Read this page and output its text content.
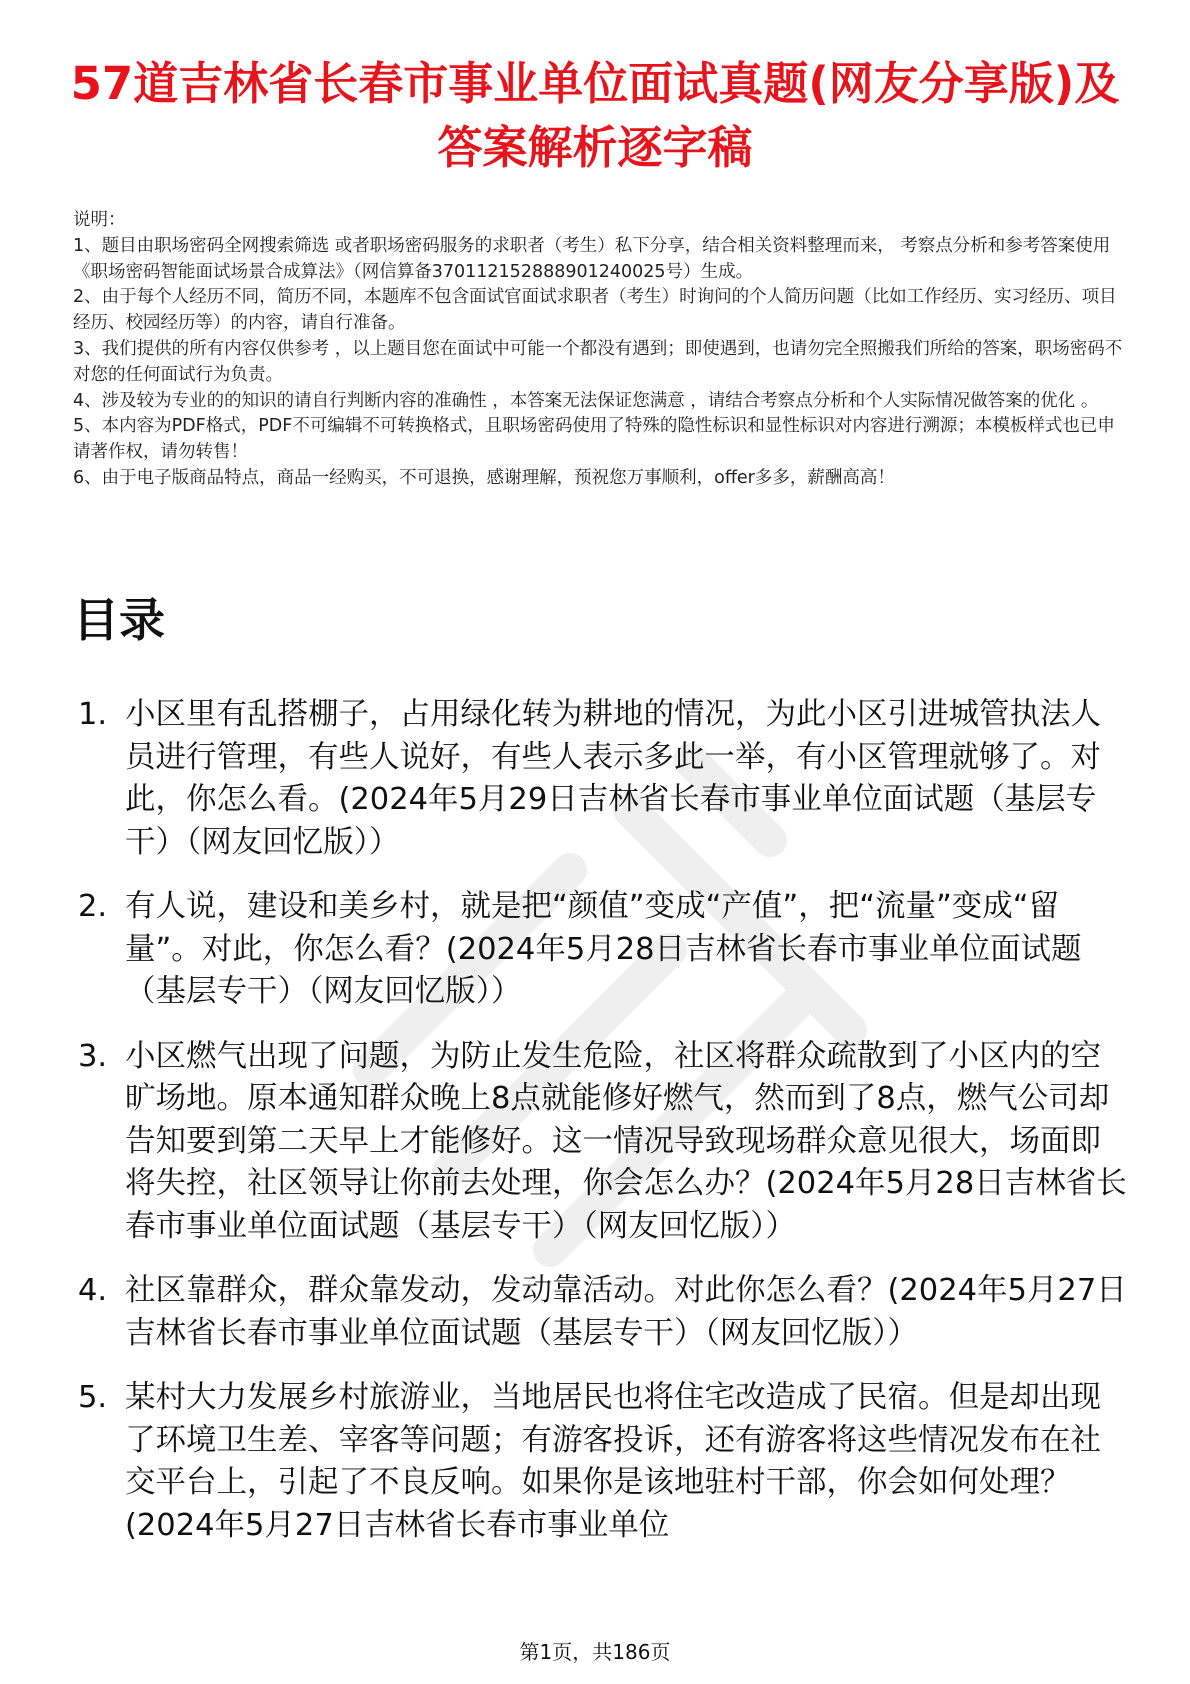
57道吉林省长春市事业单位面试真题(网友分享版)及答案解析逐字稿

说明：

1、题目由职场密码全网搜索筛选 或者职场密码服务的求职者（考生）私下分享，结合相关资料整理而来， 考察点分析和参考答案使用《职场密码智能面试场景合成算法》（网信算备370112152888901240025号）生成。

2、由于每个人经历不同，简历不同，本题库不包含面试官面试求职者（考生）时询问的个人简历问题（比如工作经历、实习经历、项目经历、校园经历等）的内容，请自行准备。

3、我们提供的所有内容仅供参考 ，以上题目您在面试中可能一个都没有遇到；即使遇到，也请勿完全照搬我们所给的答案，职场密码不对您的任何面试行为负责。

4、涉及较为专业的的知识的请自行判断内容的准确性 ，本答案无法保证您满意 ，请结合考察点分析和个人实际情况做答案的优化 。

5、本内容为PDF格式，PDF不可编辑不可转换格式，且职场密码使用了特殊的隐性标识和显性标识对内容进行溯源；本模板样式也已申请著作权，请勿转售！

6、由于电子版商品特点，商品一经购买，不可退换，感谢理解，预祝您万事顺利，offer多多，薪酬高高！

目录
1. 小区里有乱搭棚子，占用绿化转为耕地的情况，为此小区引进城管执法人员进行管理，有些人说好，有些人表示多此一举，有小区管理就够了。对此，你怎么看。(2024年5月29日吉林省长春市事业单位面试题（基层专干）（网友回忆版））
2. 有人说，建设和美乡村，就是把“颜值”变成“产值”，把“流量”变成“留量”。对此，你怎么看？(2024年5月28日吉林省长春市事业单位面试题（基层专干）（网友回忆版））
3. 小区燃气出现了问题，为防止发生危险，社区将群众疏散到了小区内的空旷场地。原本通知群众晚上8点就能修好燃气，然而到了8点，燃气公司却告知要到第二天早上才能修好。这一情况导致现场群众意见很大，场面即将失控，社区领导让你前去处理，你会怎么办？(2024年5月28日吉林省长春市事业单位面试题（基层专干）（网友回忆版））
4. 社区靠群众，群众靠发动，发动靠活动。对此你怎么看？(2024年5月27日吉林省长春市事业单位面试题（基层专干）（网友回忆版））
5. 某村大力发展乡村旅游业，当地居民也将住宅改造成了民宿。但是却出现了环境卫生差、宰客等问题；有游客投诉，还有游客将这些情况发布在社交平台上，引起了不良反响。如果你是该地驻村干部，你会如何处理？(2024年5月27日吉林省长春市事业单位
第1页，共186页
